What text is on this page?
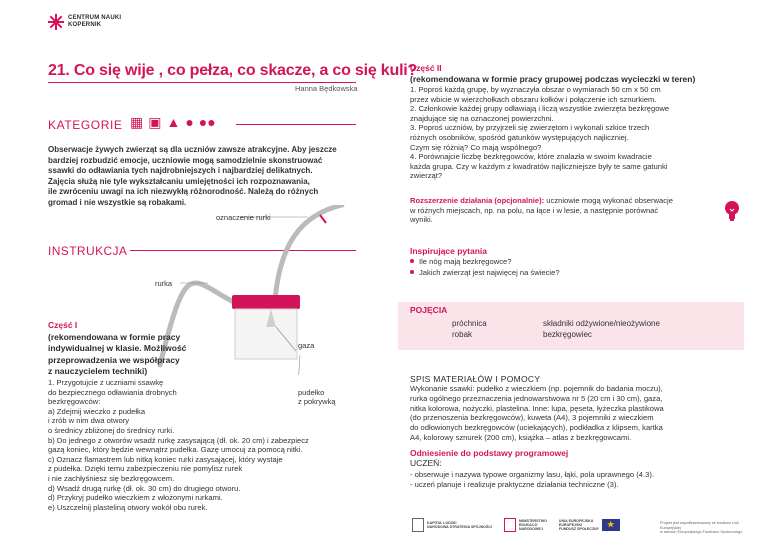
CENTRUM NAUKI
KOPERNIK
21. Co się wije , co pełza, co skacze, a co się kuli?
Hanna Będkowska
KATEGORIE ▦ ▣ ▲ ● ●●
Obserwacje żywych zwierząt są dla uczniów zawsze atrakcyjne. Aby jeszcze
bardziej rozbudzić emocje, uczniowie mogą samodzielnie skonstruować
ssawki do odławiania tych najdrobniejszych i najbardziej delikatnych.
Zajęcia służą nie tyle wykształcaniu umiejętności ich rozpoznawania,
ile zwróceniu uwagi na ich niezwykłą różnorodność. Należą do różnych
gromad i nie wszystkie są robakami.
INSTRUKCJA
oznaczenie rurki
rurka
gaza
pudełko
z pokrywką
Część I
(rekomendowana w formie pracy
indywidualnej w klasie. Możliwość
przeprowadzenia we współpracy
z nauczycielem techniki)
1. Przygotujcie z uczniami ssawkę
do bezpiecznego odławiania drobnych
bezkręgowców:
a) Zdejmij wieczko z pudełka
i zrób w nim dwa otwory
o średnicy zbliżonej do średnicy rurki.
b) Do jednego z otworów wsadź rurkę zasysającą (dł. ok. 20 cm) i zabezpiecz
gazą koniec, który będzie wewnątrz pudełka. Gazę umocuj za pomocą nitki.
c) Oznacz flamastrem lub nitką koniec rurki zasysającej, który wystaje
z pudełka. Dzięki temu zabezpieczeniu nie pomylisz rurek
i nie zachłyśniesz się bezkręgowcem.
d) Wsadź drugą rurkę (dł. ok. 30 cm) do drugiego otworu.
d) Przykryj pudełko wieczkiem z włożonymi rurkami.
e) Uszczelnij plasteliną otwory wokół obu rurek.
Część II
(rekomendowana w formie pracy grupowej podczas wycieczki w teren)
1. Poproś każdą grupę, by wyznaczyła obszar o wymiarach 50 cm x 50 cm
przez wbicie w wierzchołkach obszaru kołków i połączenie ich sznurkiem.
2. Członkowie każdej grupy odławiają i liczą wszystkie zwierzęta bezkręgowe
znajdujące się na oznaczonej powierzchni.
3. Poproś uczniów, by przyjrzeli się zwierzętom i wykonali szkice trzech
różnych osobników, spośród gatunków występujących najliczniej.
Czym się różnią? Co mają wspólnego?
4. Porównajcie liczbę bezkręgowców, które znalazła w swoim kwadracie
każda grupa. Czy w każdym z kwadratów najliczniejsze były te same gatunki
zwierząt?
Rozszerzenie działania (opcjonalnie): uczniowie mogą wykonać obserwacje
w różnych miejscach, np. na polu, na łące i w lesie, a następnie porównać
wyniki.
Inspirujące pytania
Ile nóg mają bezkręgowce?
Jakich zwierząt jest najwięcej na świecie?
POJĘCIA
próchnica
robak
składniki odżywione/nieożywione
bezkręgowiec
SPIS MATERIAŁÓW I POMOCY
Wykonanie ssawki: pudełko z wieczkiem (np. pojemnik do badania moczu),
rurka ogólnego przeznaczenia jednowarstwowa nr 5 (20 cm i 30 cm), gaza,
nitka kolorowa, nożyczki, plastelina. Inne: lupa, pęseta, łyżeczka plastikowa
(do przenoszenia bezkręgowców), kuweta (A4), 3 pojemniki z wieczkiem
do odłowionych bezkręgowców (uciekających), podkładka z klipsem, kartka
A4, kolorowy sznurek (200 cm), książka – atlas z bezkręgowcami.
Odniesienie do podstawy programowej
UCZEŃ:
- obserwuje i nazywa typowe organizmy lasu, łąki, pola uprawnego (4.3).
- uczeń planuje i realizuje praktyczne działania techniczne (3).
KAPITAŁ LUDZKI
NARODOWA STRATEGIA SPÓJNOŚCI
MINISTERSTWO
EDUKACJI
NARODOWEJ
UNIA EUROPEJSKA
EUROPEJSKI
FUNDUSZ SPOŁECZNY
★
Projekt jest współfinansowany ze środków Unii Europejskiej
w ramach Europejskiego Funduszu Społecznego
